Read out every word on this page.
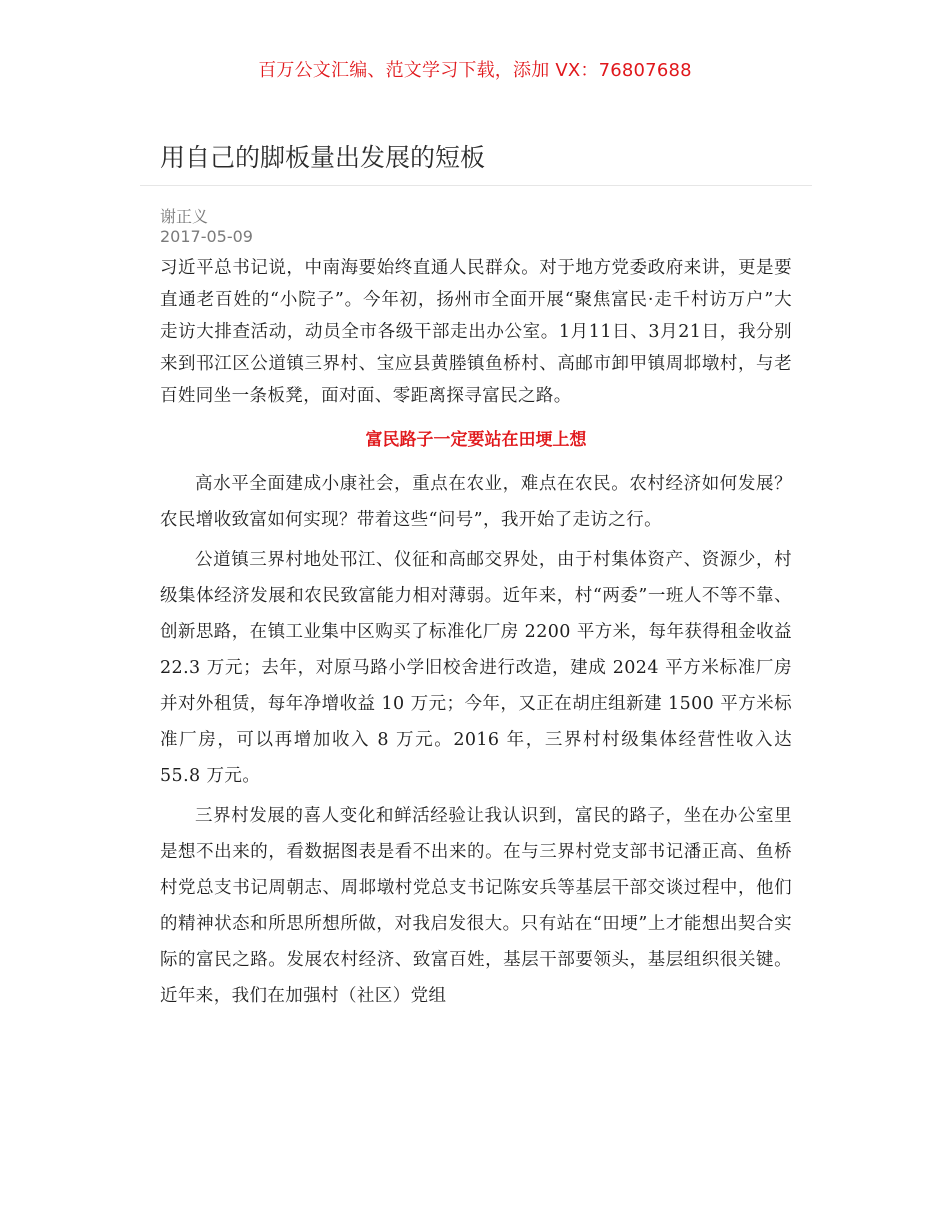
百万公文汇编、范文学习下载，添加 VX：76807688
用自己的脚板量出发展的短板
谢正义
2017-05-09

习近平总书记说，中南海要始终直通人民群众。对于地方党委政府来讲，更是要直通老百姓的“小院子”。今年初，扬州市全面开展“聚焦富民·走千村访万户”大走访大排查活动，动员全市各级干部走出办公室。1月11日、3月21日，我分别来到邗江区公道镇三界村、宝应县黄塍镇鱼桥村、高邮市卸甲镇周邶墩村，与老百姓同坐一条板凳，面对面、零距离探寻富民之路。

富民路子一定要站在田埂上想

高水平全面建成小康社会，重点在农业，难点在农民。农村经济如何发展？农民增收致富如何实现？带着这些“问号”，我开始了走访之行。

公道镇三界村地处邗江、仪征和高邮交界处，由于村集体资产、资源少，村级集体经济发展和农民致富能力相对薄弱。近年来，村“两委”一班人不等不靠、创新思路，在镇工业集中区购买了标准化厂房 2200 平方米，每年获得租金收益 22.3 万元；去年，对原马路小学旧校舍进行改造，建成 2024 平方米标准厂房并对外租赁，每年净增收益 10 万元；今年，又正在胡庄组新建 1500 平方米标准厂房，可以再增加收入 8 万元。2016 年，三界村村级集体经营性收入达 55.8 万元。

三界村发展的喜人变化和鲜活经验让我认识到，富民的路子，坐在办公室里是想不出来的，看数据图表是看不出来的。在与三界村党支部书记潘正高、鱼桥村党总支书记周朝志、周邶墩村党总支书记陈安兵等基层干部交谈过程中，他们的精神状态和所思所想所做，对我启发很大。只有站在“田埂”上才能想出契合实际的富民之路。发展农村经济、致富百姓，基层干部要领头，基层组织很关键。近年来，我们在加强村（社区）党组
